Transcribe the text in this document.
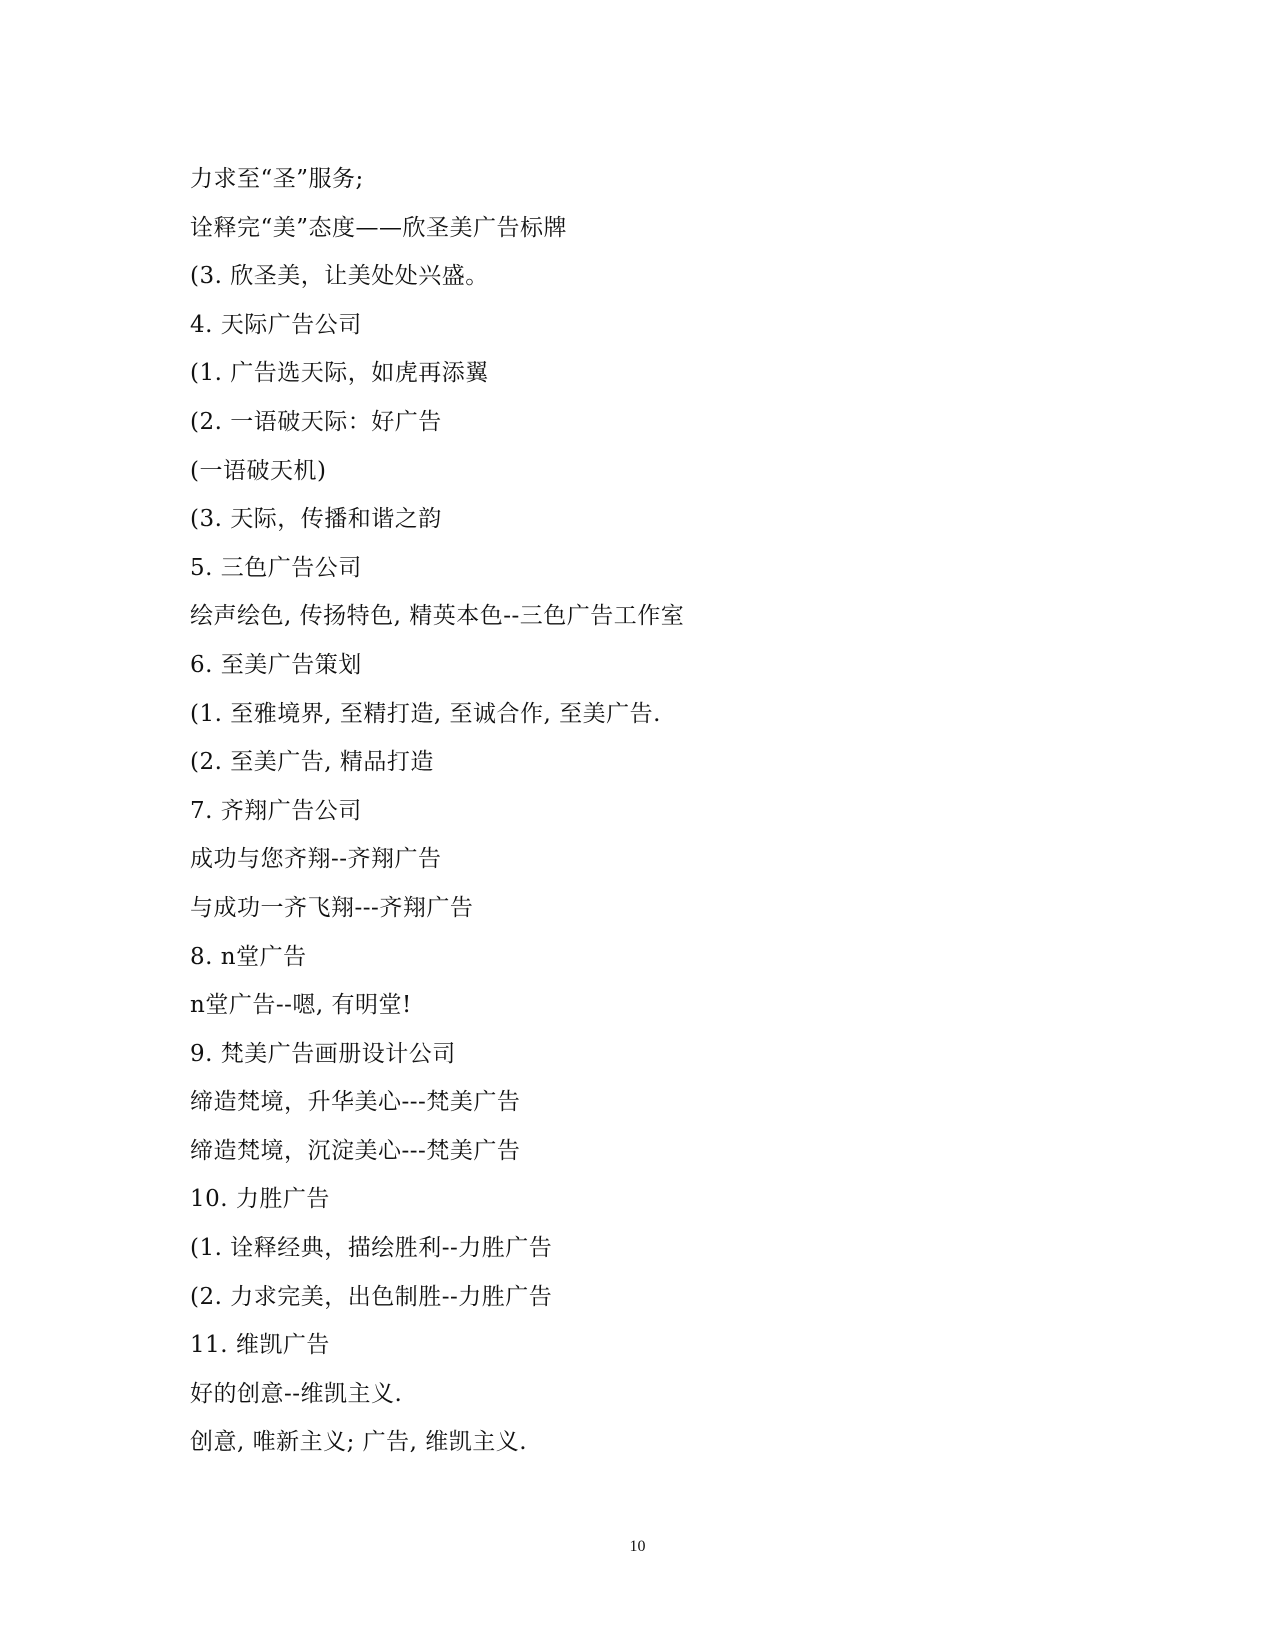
力求至“圣”服务;
诠释完“美”态度——欣圣美广告标牌
(3. 欣圣美，让美处处兴盛。
4. 天际广告公司
(1. 广告选天际，如虎再添翼
(2. 一语破天际：好广告
(一语破天机)
(3. 天际，传播和谐之韵
5. 三色广告公司
绘声绘色, 传扬特色, 精英本色--三色广告工作室
6. 至美广告策划
(1. 至雅境界, 至精打造, 至诚合作, 至美广告.
(2. 至美广告, 精品打造
7. 齐翔广告公司
成功与您齐翔--齐翔广告
与成功一齐飞翔---齐翔广告
8. n堂广告
n堂广告--嗯, 有明堂!
9. 梵美广告画册设计公司
缔造梵境，升华美心---梵美广告
缔造梵境，沉淀美心---梵美广告
10. 力胜广告
(1. 诠释经典，描绘胜利--力胜广告
(2. 力求完美，出色制胜--力胜广告
11. 维凯广告
好的创意--维凯主义.
创意, 唯新主义; 广告, 维凯主义.
10
